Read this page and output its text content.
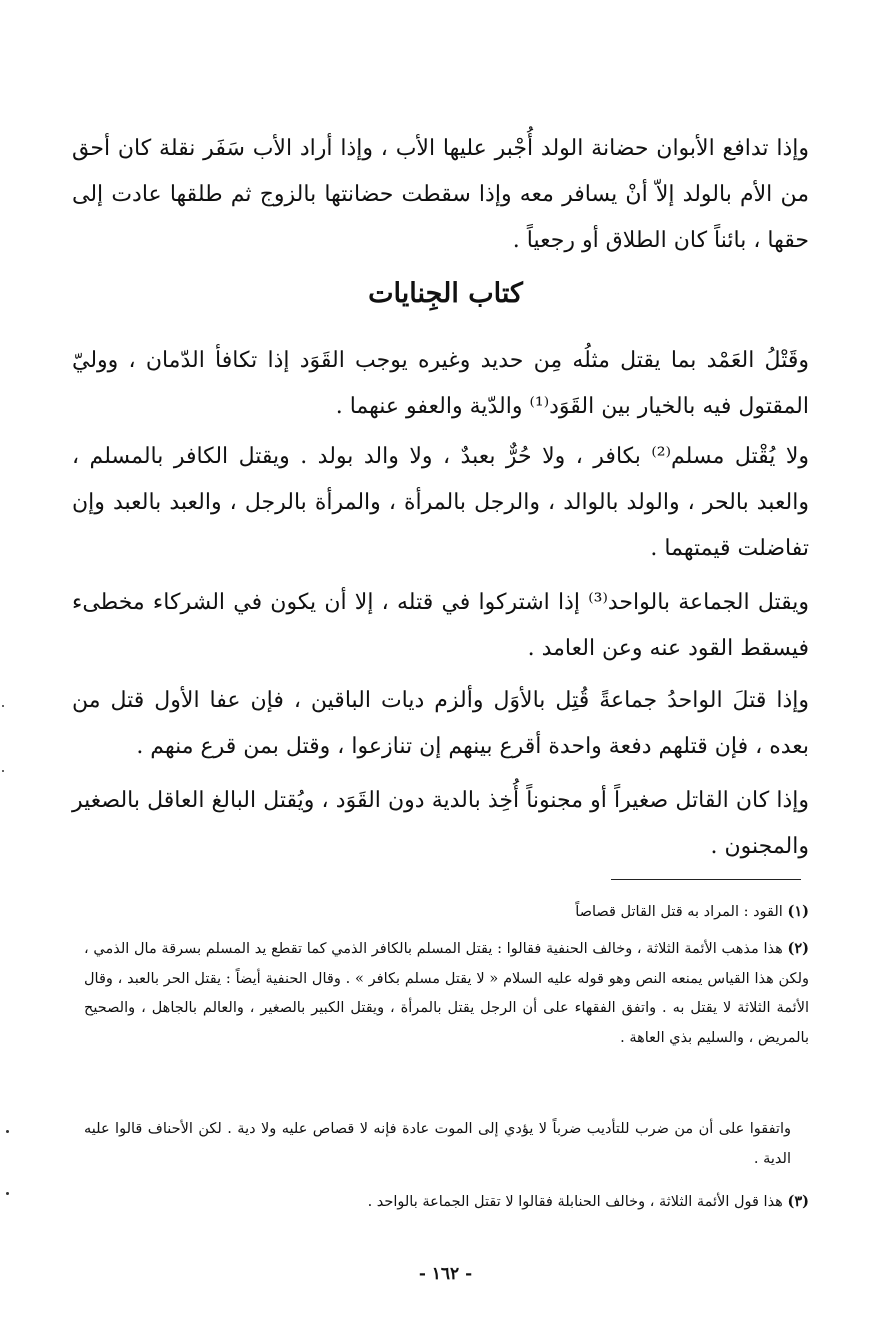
وإذا تدافع الأبوان حضانة الولد أُجْبر عليها الأب ، وإذا أراد الأب سَفَر نقلة كان أحق من الأم بالولد إلاّ أنْ يسافر معه وإذا سقطت حضانتها بالزوج ثم طلقها عادت إلى حقها ، بائناً كان الطلاق أو رجعياً .

كتاب الجِنايات

وقَتْلُ العَمْد بما يقتل مثلُه مِن حديد وغيره يوجب القَوَد إذا تكافأ الدّمان ، ووليّ المقتول فيه بالخيار بين القَوَد⁽¹⁾ والدّية والعفو عنهما .

ولا يُقْتل مسلم⁽²⁾ بكافر ، ولا حُرٌّ بعبدٌ ، ولا والد بولد . ويقتل الكافر بالمسلم ، والعبد بالحر ، والولد بالوالد ، والرجل بالمرأة ، والمرأة بالرجل ، والعبد بالعبد وإن تفاضلت قيمتهما .

ويقتل الجماعة بالواحد⁽³⁾ إذا اشتركوا في قتله ، إلا أن يكون في الشركاء مخطىء فيسقط القود عنه وعن العامد .

وإذا قتلَ الواحدُ جماعةً قُتِل بالأوَل وألزم ديات الباقين ، فإن عفا الأول قتل من بعده ، فإن قتلهم دفعة واحدة أقرع بينهم إن تنازعوا ، وقتل بمن قرع منهم .

وإذا كان القاتل صغيراً أو مجنوناً أُخِذ بالدية دون القَوَد ، ويُقتل البالغ العاقل بالصغير والمجنون .

(١) القود : المراد به قتل القاتل قصاصاً

(٢) هذا مذهب الأئمة الثلاثة ، وخالف الحنفية فقالوا : يقتل المسلم بالكافر الذمي كما تقطع يد المسلم بسرقة مال الذمي ، ولكن هذا القياس يمنعه النص وهو قوله عليه السلام « لا يقتل مسلم بكافر » . وقال الحنفية أيضاً : يقتل الحر بالعبد ، وقال الأئمة الثلاثة لا يقتل به . واتفق الفقهاء على أن الرجل يقتل بالمرأة ، ويقتل الكبير بالصغير ، والعالم بالجاهل ، والصحيح بالمريض ، والسليم بذي العاهة .

واتفقوا على أن من ضرب للتأديب ضرباً لا يؤدي إلى الموت عادة فإنه لا قصاص عليه ولا دية . لكن الأحناف قالوا عليه الدية .

(٣) هذا قول الأئمة الثلاثة ، وخالف الحنابلة فقالوا لا تقتل الجماعة بالواحد .

- ١٦٢ -
